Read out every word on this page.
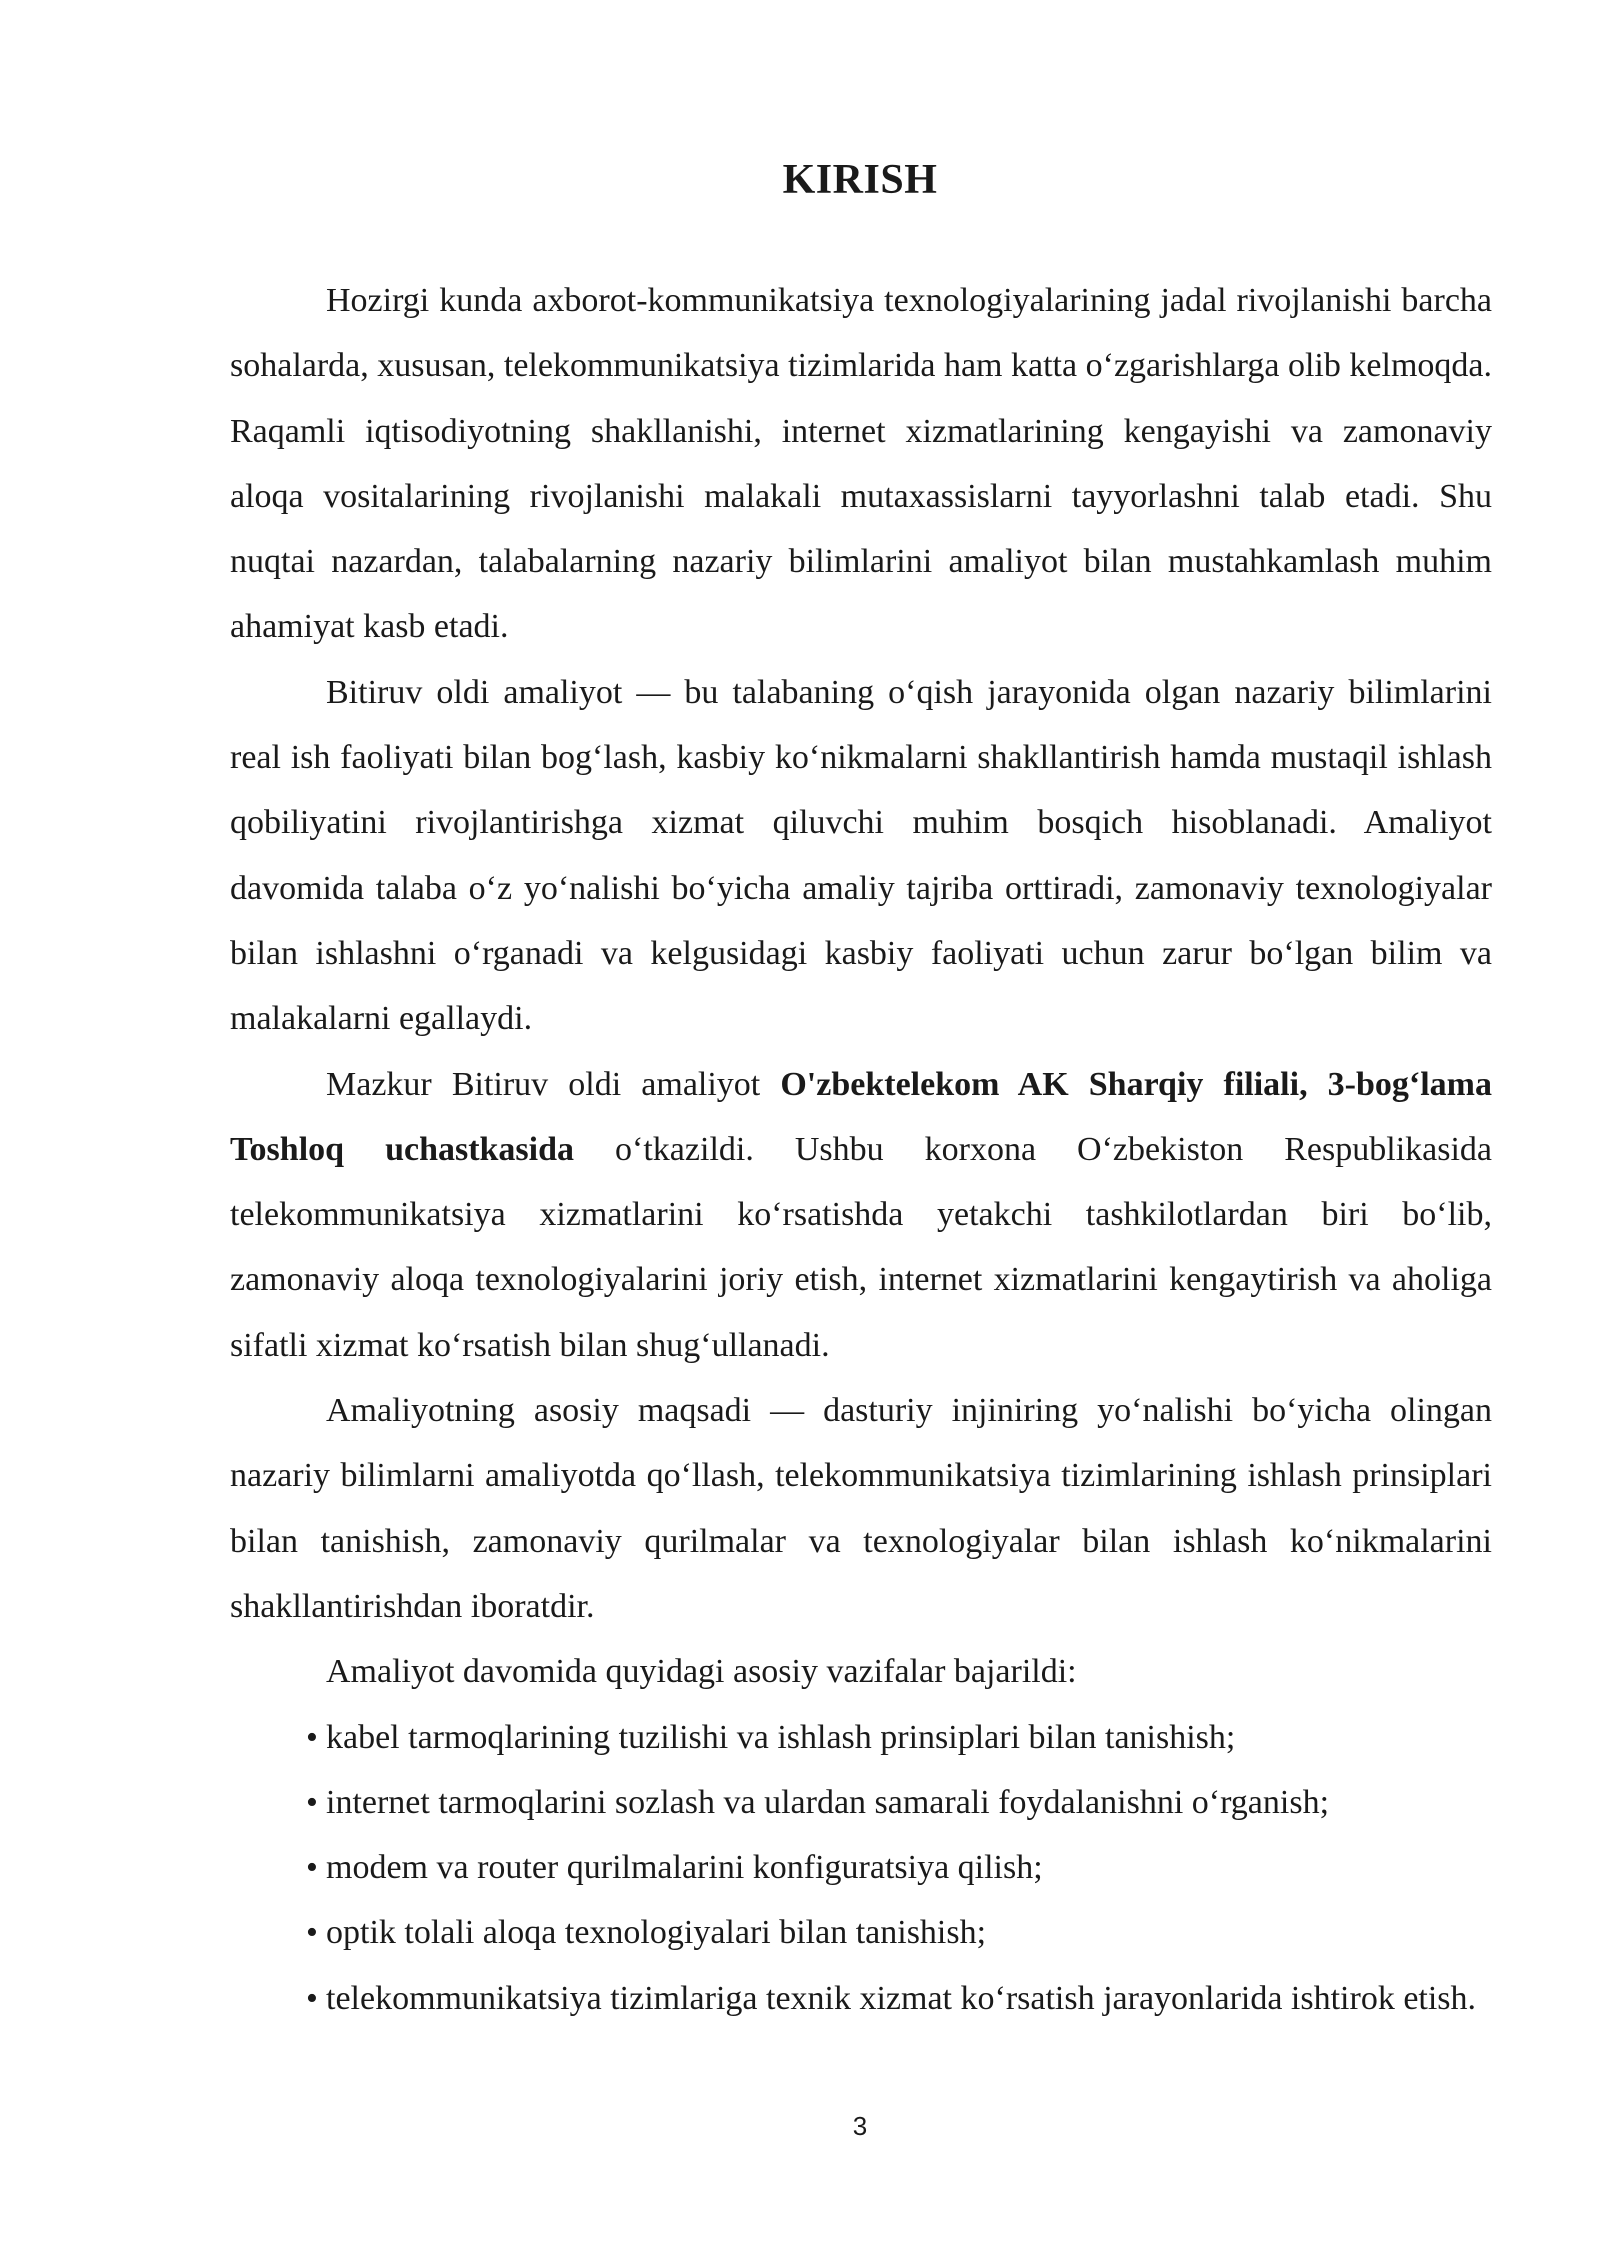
KIRISH

Hozirgi kunda axborot-kommunikatsiya texnologiyalarining jadal rivojlanishi barcha sohalarda, xususan, telekommunikatsiya tizimlarida ham katta o‘zgarishlarga olib kelmoqda. Raqamli iqtisodiyotning shakllanishi, internet xizmatlarining kengayishi va zamonaviy aloqa vositalarining rivojlanishi malakali mutaxassislarni tayyorlashni talab etadi. Shu nuqtai nazardan, talabalarning nazariy bilimlarini amaliyot bilan mustahkamlash muhim ahamiyat kasb etadi.

Bitiruv oldi amaliyot — bu talabaning o‘qish jarayonida olgan nazariy bilimlarini real ish faoliyati bilan bog‘lash, kasbiy ko‘nikmalarni shakllantirish hamda mustaqil ishlash qobiliyatini rivojlantirishga xizmat qiluvchi muhim bosqich hisoblanadi. Amaliyot davomida talaba o‘z yo‘nalishi bo‘yicha amaliy tajriba orttiradi, zamonaviy texnologiyalar bilan ishlashni o‘rganadi va kelgusidagi kasbiy faoliyati uchun zarur bo‘lgan bilim va malakalarni egallaydi.

Mazkur Bitiruv oldi amaliyot O'zbektelekom AK Sharqiy filiali, 3-bog‘lama Toshloq uchastkasida o‘tkazildi. Ushbu korxona O‘zbekiston Respublikasida telekommunikatsiya xizmatlarini ko‘rsatishda yetakchi tashkilotlardan biri bo‘lib, zamonaviy aloqa texnologiyalarini joriy etish, internet xizmatlarini kengaytirish va aholiga sifatli xizmat ko‘rsatish bilan shug‘ullanadi.

Amaliyotning asosiy maqsadi — dasturiy injiniring yo‘nalishi bo‘yicha olingan nazariy bilimlarni amaliyotda qo‘llash, telekommunikatsiya tizimlarining ishlash prinsiplari bilan tanishish, zamonaviy qurilmalar va texnologiyalar bilan ishlash ko‘nikmalarini shakllantirishdan iboratdir.

Amaliyot davomida quyidagi asosiy vazifalar bajarildi:

• kabel tarmoqlarining tuzilishi va ishlash prinsiplari bilan tanishish;
• internet tarmoqlarini sozlash va ulardan samarali foydalanishni o‘rganish;
• modem va router qurilmalarini konfiguratsiya qilish;
• optik tolali aloqa texnologiyalari bilan tanishish;
• telekommunikatsiya tizimlariga texnik xizmat ko‘rsatish jarayonlarida ishtirok etish.
3
